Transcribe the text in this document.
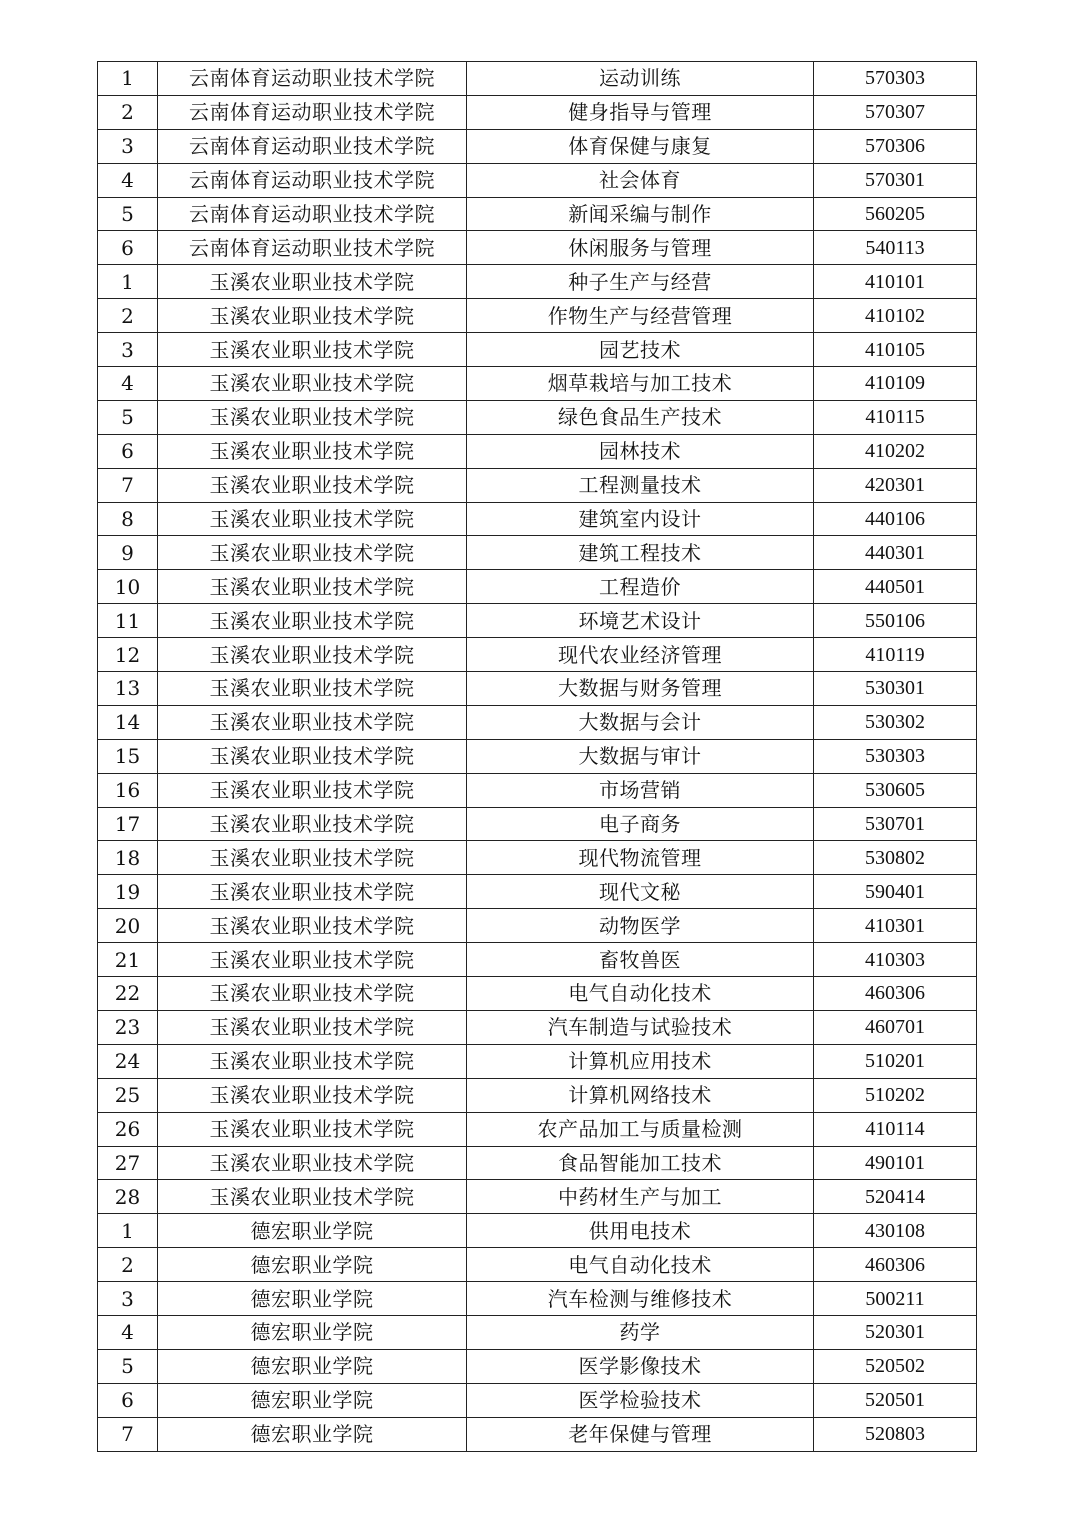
1	云南体育运动职业技术学院	运动训练	570303
2	云南体育运动职业技术学院	健身指导与管理	570307
3	云南体育运动职业技术学院	体育保健与康复	570306
4	云南体育运动职业技术学院	社会体育	570301
5	云南体育运动职业技术学院	新闻采编与制作	560205
6	云南体育运动职业技术学院	休闲服务与管理	540113
1	玉溪农业职业技术学院	种子生产与经营	410101
2	玉溪农业职业技术学院	作物生产与经营管理	410102
3	玉溪农业职业技术学院	园艺技术	410105
4	玉溪农业职业技术学院	烟草栽培与加工技术	410109
5	玉溪农业职业技术学院	绿色食品生产技术	410115
6	玉溪农业职业技术学院	园林技术	410202
7	玉溪农业职业技术学院	工程测量技术	420301
8	玉溪农业职业技术学院	建筑室内设计	440106
9	玉溪农业职业技术学院	建筑工程技术	440301
10	玉溪农业职业技术学院	工程造价	440501
11	玉溪农业职业技术学院	环境艺术设计	550106
12	玉溪农业职业技术学院	现代农业经济管理	410119
13	玉溪农业职业技术学院	大数据与财务管理	530301
14	玉溪农业职业技术学院	大数据与会计	530302
15	玉溪农业职业技术学院	大数据与审计	530303
16	玉溪农业职业技术学院	市场营销	530605
17	玉溪农业职业技术学院	电子商务	530701
18	玉溪农业职业技术学院	现代物流管理	530802
19	玉溪农业职业技术学院	现代文秘	590401
20	玉溪农业职业技术学院	动物医学	410301
21	玉溪农业职业技术学院	畜牧兽医	410303
22	玉溪农业职业技术学院	电气自动化技术	460306
23	玉溪农业职业技术学院	汽车制造与试验技术	460701
24	玉溪农业职业技术学院	计算机应用技术	510201
25	玉溪农业职业技术学院	计算机网络技术	510202
26	玉溪农业职业技术学院	农产品加工与质量检测	410114
27	玉溪农业职业技术学院	食品智能加工技术	490101
28	玉溪农业职业技术学院	中药材生产与加工	520414
1	德宏职业学院	供用电技术	430108
2	德宏职业学院	电气自动化技术	460306
3	德宏职业学院	汽车检测与维修技术	500211
4	德宏职业学院	药学	520301
5	德宏职业学院	医学影像技术	520502
6	德宏职业学院	医学检验技术	520501
7	德宏职业学院	老年保健与管理	520803
